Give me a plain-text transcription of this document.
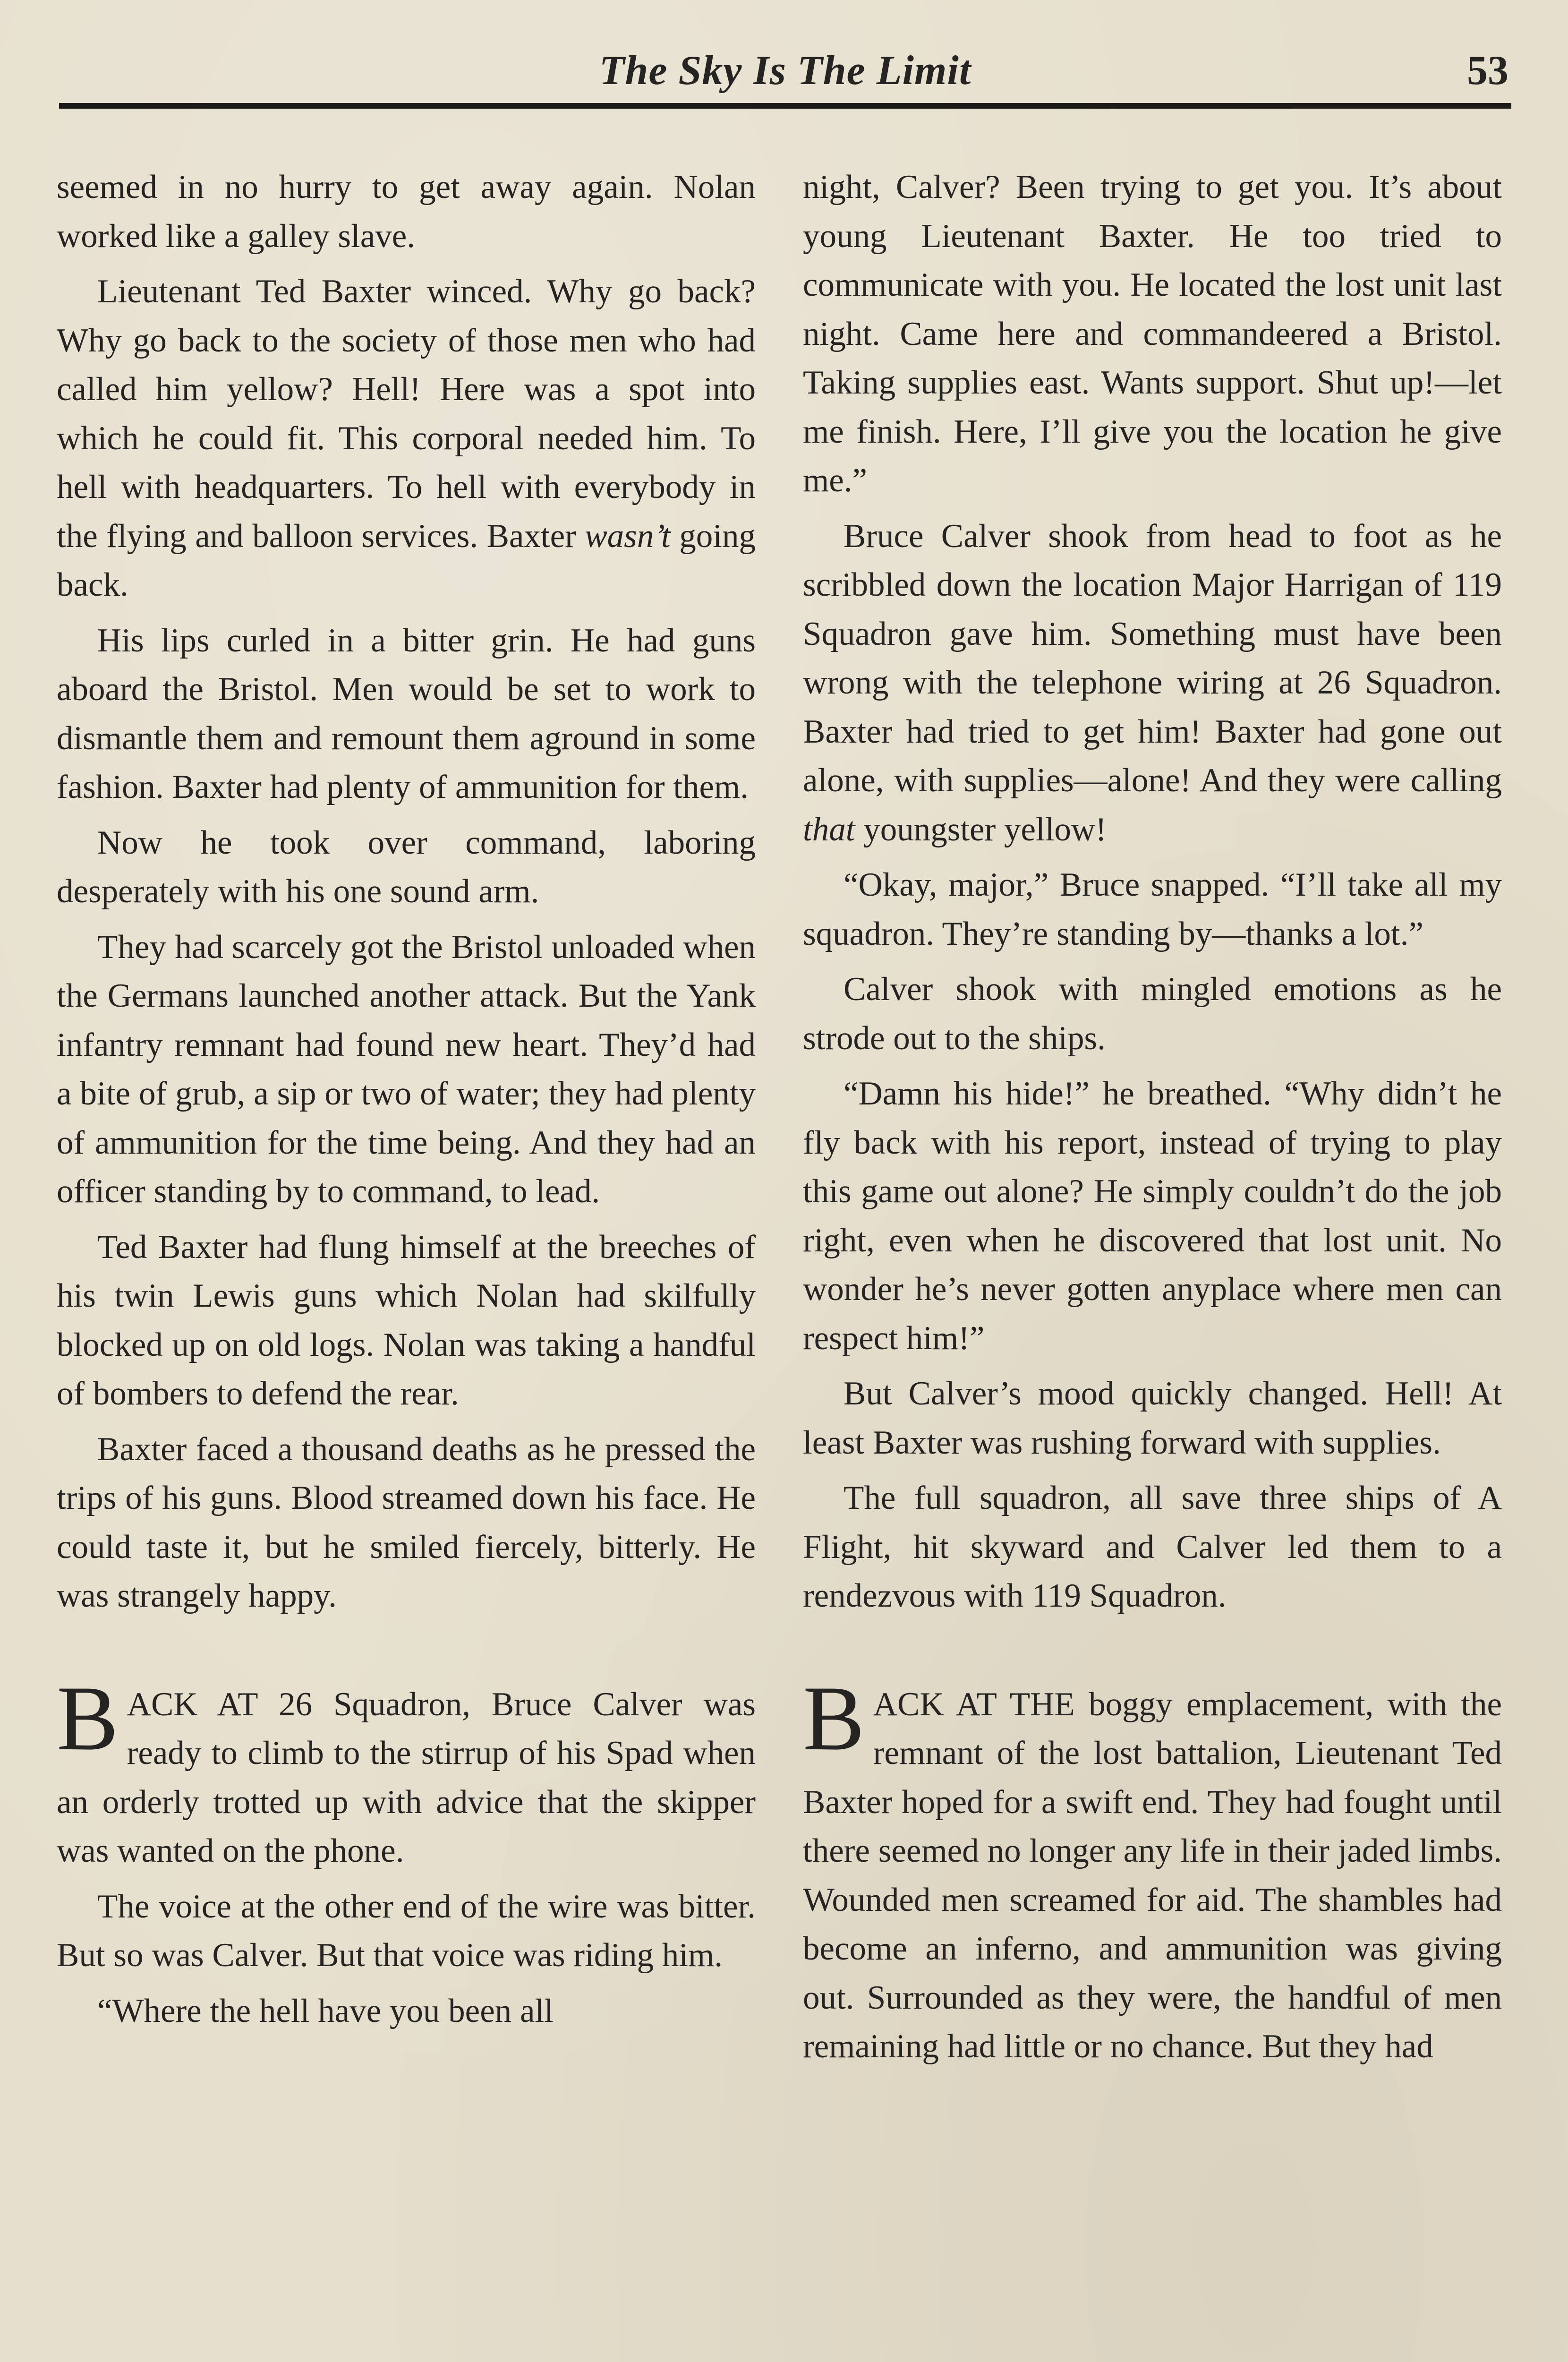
The Sky Is The Limit	53

seemed in no hurry to get away again. Nolan worked like a galley slave.

Lieutenant Ted Baxter winced. Why go back? Why go back to the society of those men who had called him yellow? Hell! Here was a spot into which he could fit. This corporal needed him. To hell with headquarters. To hell with everybody in the flying and balloon services. Baxter wasn’t going back.

His lips curled in a bitter grin. He had guns aboard the Bristol. Men would be set to work to dismantle them and remount them aground in some fashion. Baxter had plenty of ammunition for them.

Now he took over command, laboring desperately with his one sound arm.

They had scarcely got the Bristol unloaded when the Germans launched another attack. But the Yank infantry remnant had found new heart. They’d had a bite of grub, a sip or two of water; they had plenty of ammunition for the time being. And they had an officer standing by to command, to lead.

Ted Baxter had flung himself at the breeches of his twin Lewis guns which Nolan had skilfully blocked up on old logs. Nolan was taking a handful of bombers to defend the rear.

Baxter faced a thousand deaths as he pressed the trips of his guns. Blood streamed down his face. He could taste it, but he smiled fiercely, bitterly. He was strangely happy.

BACK AT 26 Squadron, Bruce Calver was ready to climb to the stirrup of his Spad when an orderly trotted up with advice that the skipper was wanted on the phone.

The voice at the other end of the wire was bitter. But so was Calver. But that voice was riding him.

“Where the hell have you been all

night, Calver? Been trying to get you. It’s about young Lieutenant Baxter. He too tried to communicate with you. He located the lost unit last night. Came here and commandeered a Bristol. Taking supplies east. Wants support. Shut up!—let me finish. Here, I’ll give you the location he give me.”

Bruce Calver shook from head to foot as he scribbled down the location Major Harrigan of 119 Squadron gave him. Something must have been wrong with the telephone wiring at 26 Squadron. Baxter had tried to get him! Baxter had gone out alone, with supplies—alone! And they were calling that youngster yellow!

“Okay, major,” Bruce snapped. “I’ll take all my squadron. They’re standing by—thanks a lot.”

Calver shook with mingled emotions as he strode out to the ships.

“Damn his hide!” he breathed. “Why didn’t he fly back with his report, instead of trying to play this game out alone? He simply couldn’t do the job right, even when he discovered that lost unit. No wonder he’s never gotten anyplace where men can respect him!”

But Calver’s mood quickly changed. Hell! At least Baxter was rushing forward with supplies.

The full squadron, all save three ships of A Flight, hit skyward and Calver led them to a rendezvous with 119 Squadron.

BACK AT THE boggy emplacement, with the remnant of the lost battalion, Lieutenant Ted Baxter hoped for a swift end. They had fought until there seemed no longer any life in their jaded limbs. Wounded men screamed for aid. The shambles had become an inferno, and ammunition was giving out. Surrounded as they were, the handful of men remaining had little or no chance. But they had
